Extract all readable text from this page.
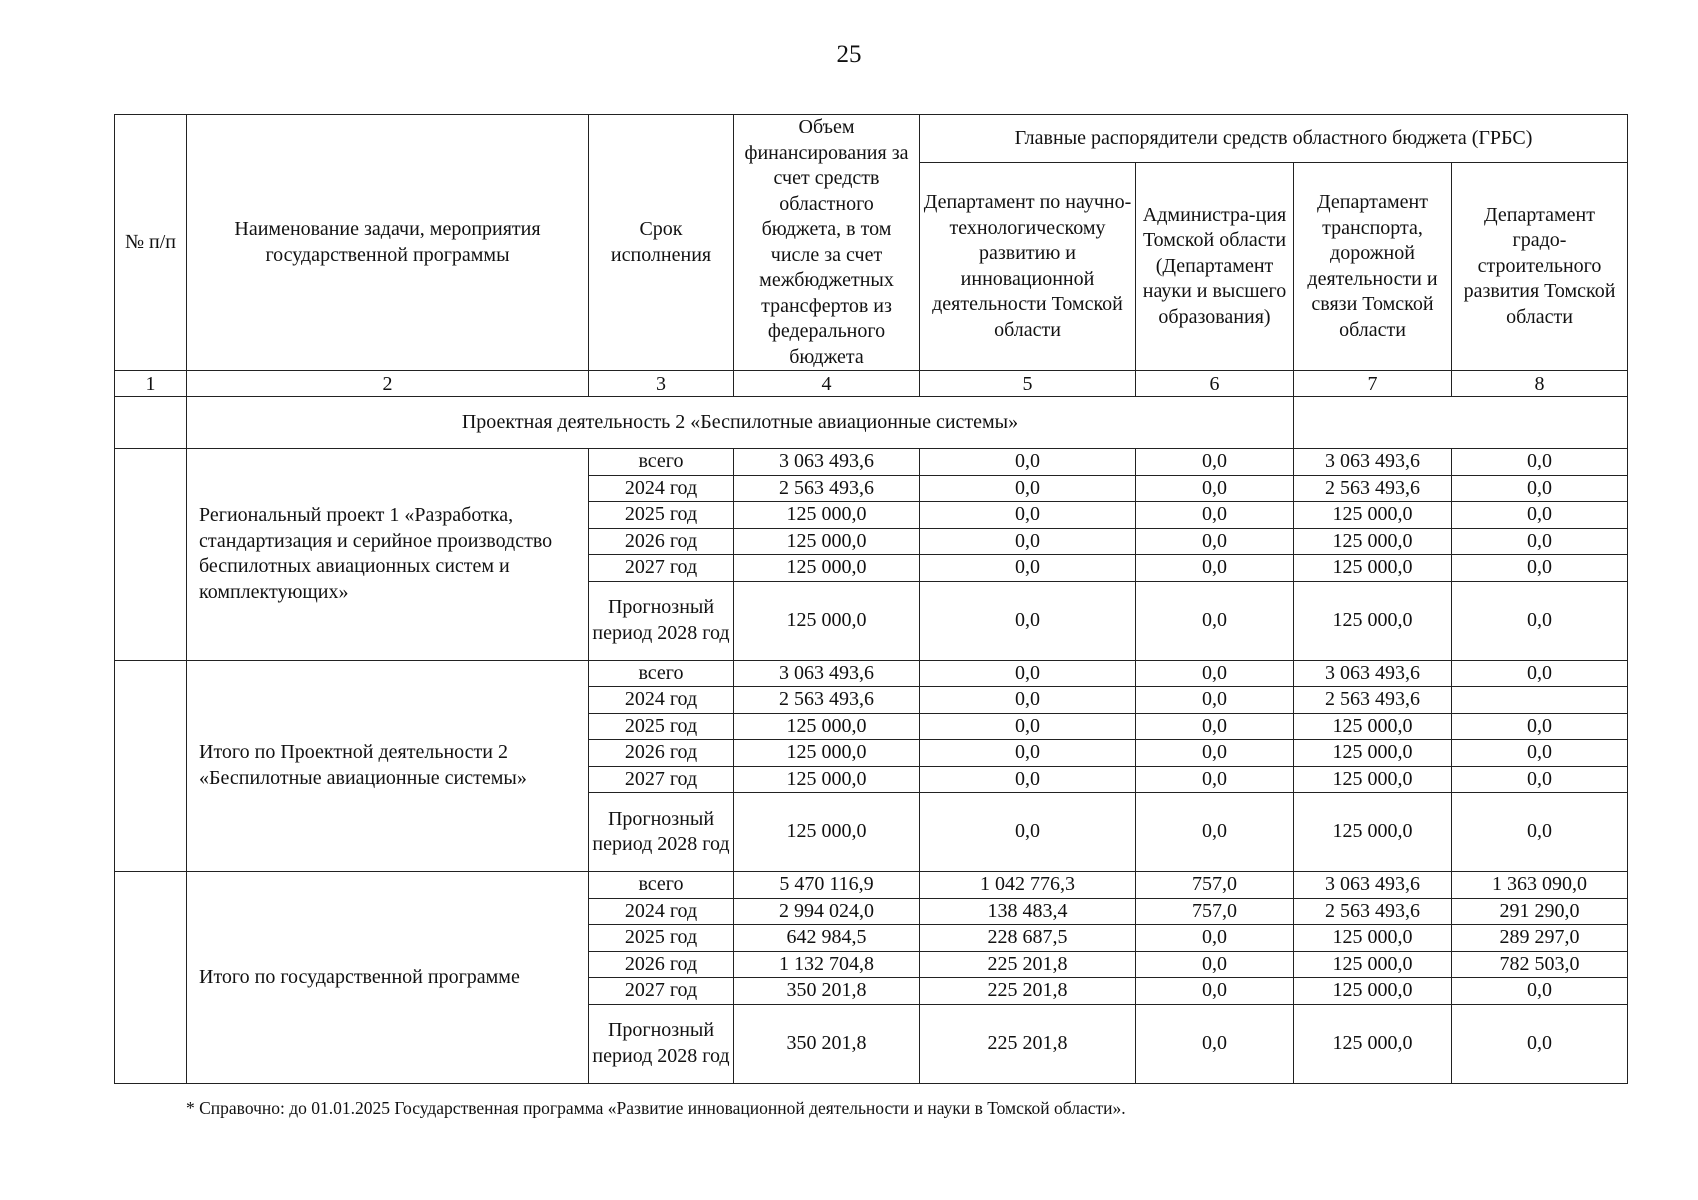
25
№ п/п	Наименование задачи, мероприятия государственной программы	Срок исполнения	Объем финансирования за счет средств областного бюджета, в том числе за счет межбюджетных трансфертов из федерального бюджета	Главные распорядители средств областного бюджета (ГРБС)			
				Департамент по научно-технологическому развитию и инновационной деятельности Томской области	Администра-ция Томской области (Департамент науки и высшего образования)	Департамент транспорта, дорожной деятельности и связи Томской области	Департамент градо-строительного развития Томской области
1	2	3	4	5	6	7	8
	Проектная деятельность 2 «Беспилотные авиационные системы»						
	Региональный проект 1 «Разработка, стандартизация и серийное производство беспилотных авиационных систем и комплектующих»	всего	3 063 493,6	0,0	0,0	3 063 493,6	0,0
		2024 год	2 563 493,6	0,0	0,0	2 563 493,6	0,0
		2025 год	125 000,0	0,0	0,0	125 000,0	0,0
		2026 год	125 000,0	0,0	0,0	125 000,0	0,0
		2027 год	125 000,0	0,0	0,0	125 000,0	0,0
		Прогнозный период 2028 год	125 000,0	0,0	0,0	125 000,0	0,0
	Итого по Проектной деятельности 2 «Беспилотные авиационные системы»	всего	3 063 493,6	0,0	0,0	3 063 493,6	0,0
		2024 год	2 563 493,6	0,0	0,0	2 563 493,6	
		2025 год	125 000,0	0,0	0,0	125 000,0	0,0
		2026 год	125 000,0	0,0	0,0	125 000,0	0,0
		2027 год	125 000,0	0,0	0,0	125 000,0	0,0
		Прогнозный период 2028 год	125 000,0	0,0	0,0	125 000,0	0,0
	Итого по государственной программе	всего	5 470 116,9	1 042 776,3	757,0	3 063 493,6	1 363 090,0
		2024 год	2 994 024,0	138 483,4	757,0	2 563 493,6	291 290,0
		2025 год	642 984,5	228 687,5	0,0	125 000,0	289 297,0
		2026 год	1 132 704,8	225 201,8	0,0	125 000,0	782 503,0
		2027 год	350 201,8	225 201,8	0,0	125 000,0	0,0
		Прогнозный период 2028 год	350 201,8	225 201,8	0,0	125 000,0	0,0
* Справочно: до 01.01.2025 Государственная программа «Развитие инновационной деятельности и науки в Томской области».
